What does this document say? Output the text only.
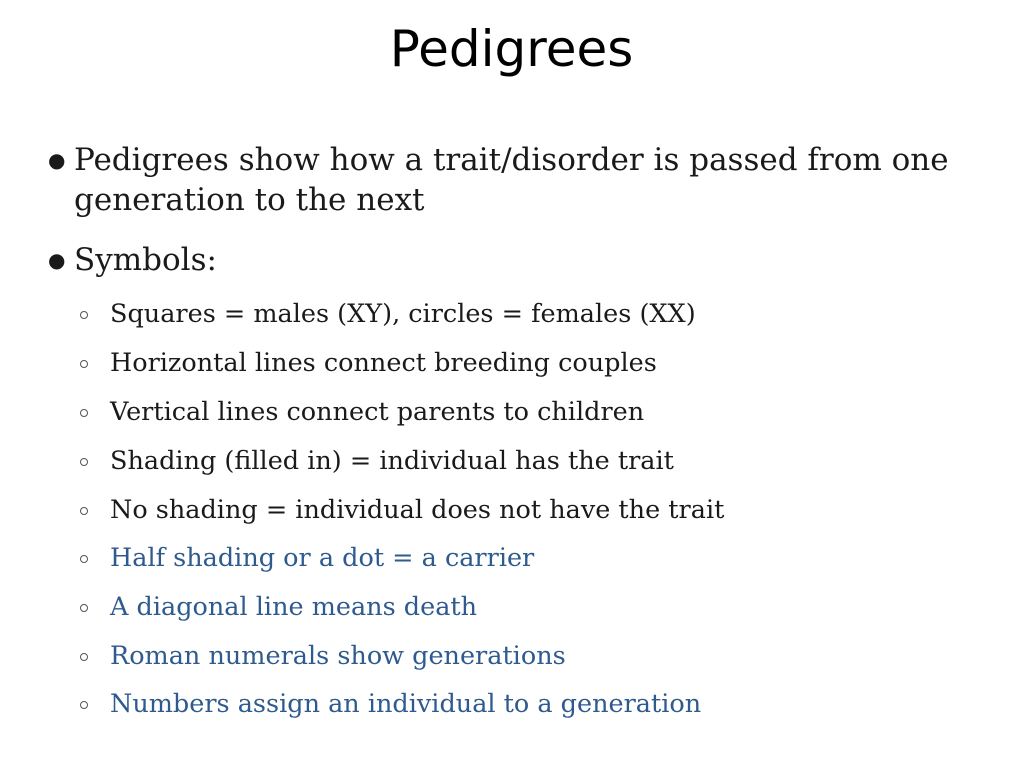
Pedigrees
● Pedigrees show how a trait/disorder is passed from one generation to the next
● Symbols:
Squares = males (XY), circles = females (XX)
Horizontal lines connect breeding couples
Vertical lines connect parents to children
Shading (filled in) = individual has the trait
No shading = individual does not have the trait
Half shading or a dot = a carrier
A diagonal line means death
Roman numerals show generations
Numbers assign an individual to a generation
